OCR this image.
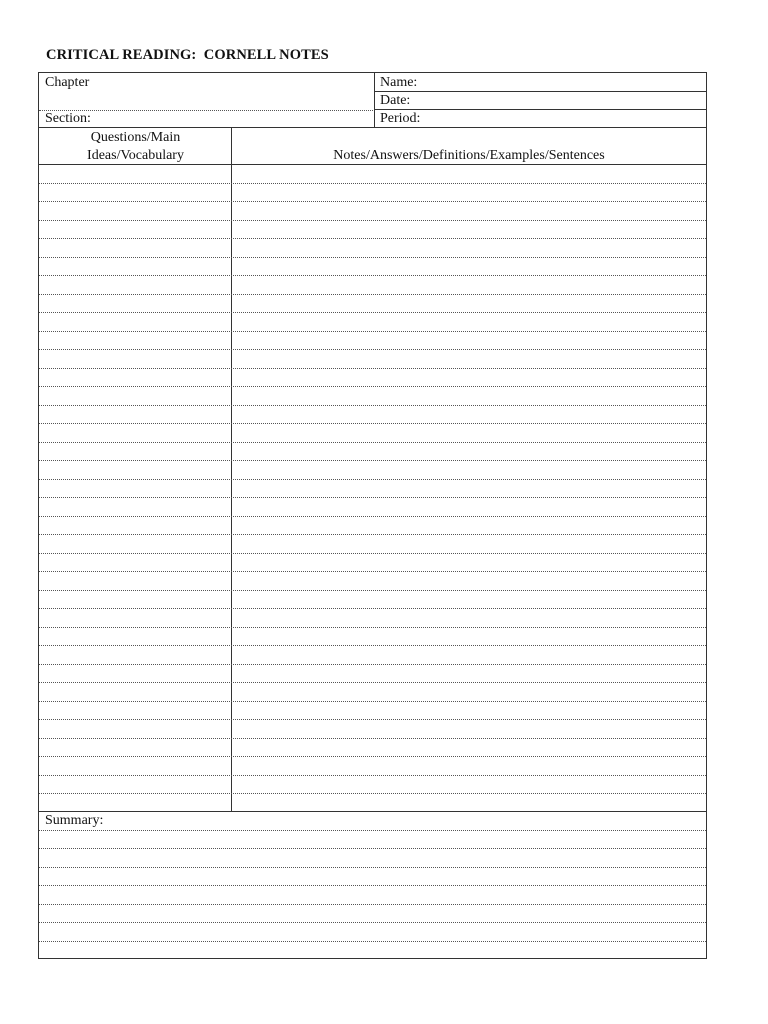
CRITICAL READING:  CORNELL NOTES
Chapter
Section:
Name:
Date:
Period:
Questions/Main
Ideas/Vocabulary	Notes/Answers/Definitions/Examples/Sentences
Summary:
